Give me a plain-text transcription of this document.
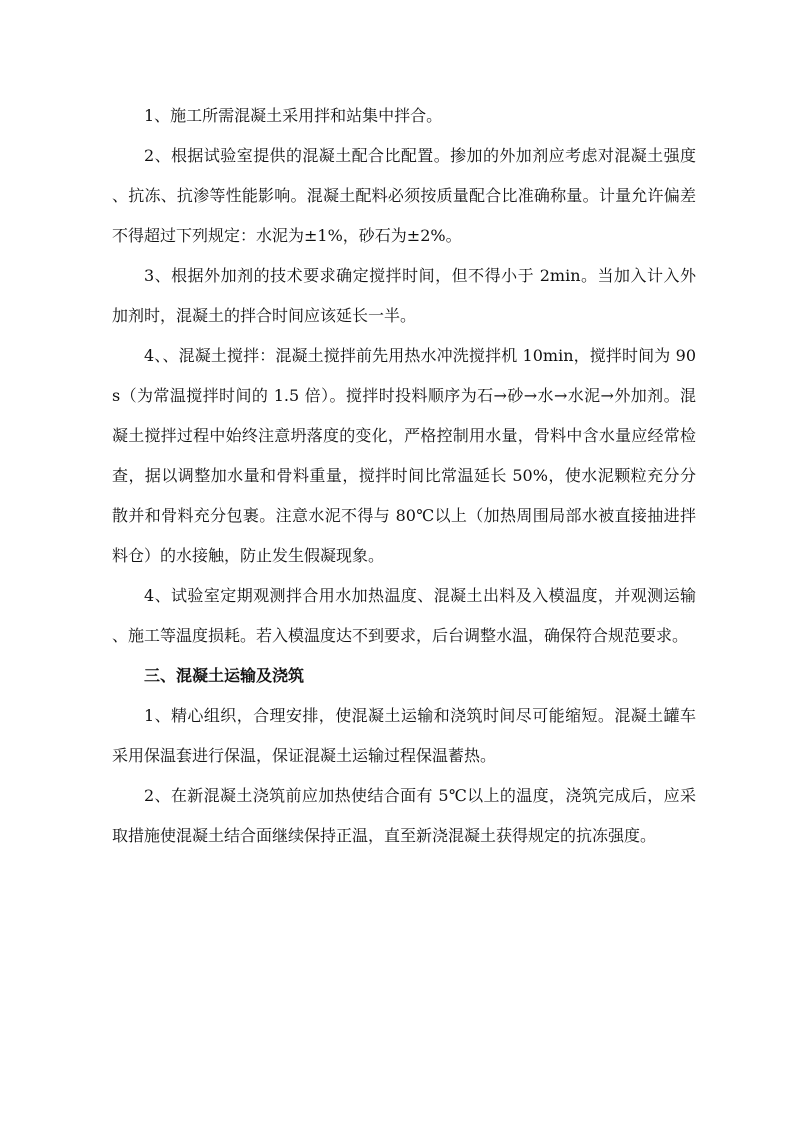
1、施工所需混凝土采用拌和站集中拌合。

2、根据试验室提供的混凝土配合比配置。掺加的外加剂应考虑对混凝土强度、抗冻、抗渗等性能影响。混凝土配料必须按质量配合比准确称量。计量允许偏差不得超过下列规定：水泥为±1%，砂石为±2%。

3、根据外加剂的技术要求确定搅拌时间，但不得小于 2min。当加入计入外加剂时，混凝土的拌合时间应该延长一半。

4、、混凝土搅拌：混凝土搅拌前先用热水冲洗搅拌机 10min，搅拌时间为 90s（为常温搅拌时间的 1.5 倍）。搅拌时投料顺序为石→砂→水→水泥→外加剂。混凝土搅拌过程中始终注意坍落度的变化，严格控制用水量，骨料中含水量应经常检查，据以调整加水量和骨料重量，搅拌时间比常温延长 50%，使水泥颗粒充分分散并和骨料充分包裹。注意水泥不得与 80℃以上（加热周围局部水被直接抽进拌料仓）的水接触，防止发生假凝现象。

4、试验室定期观测拌合用水加热温度、混凝土出料及入模温度，并观测运输、施工等温度损耗。若入模温度达不到要求，后台调整水温，确保符合规范要求。

三、混凝土运输及浇筑

1、精心组织，合理安排，使混凝土运输和浇筑时间尽可能缩短。混凝土罐车采用保温套进行保温，保证混凝土运输过程保温蓄热。

2、在新混凝土浇筑前应加热使结合面有 5℃以上的温度，浇筑完成后，应采取措施使混凝土结合面继续保持正温，直至新浇混凝土获得规定的抗冻强度。
